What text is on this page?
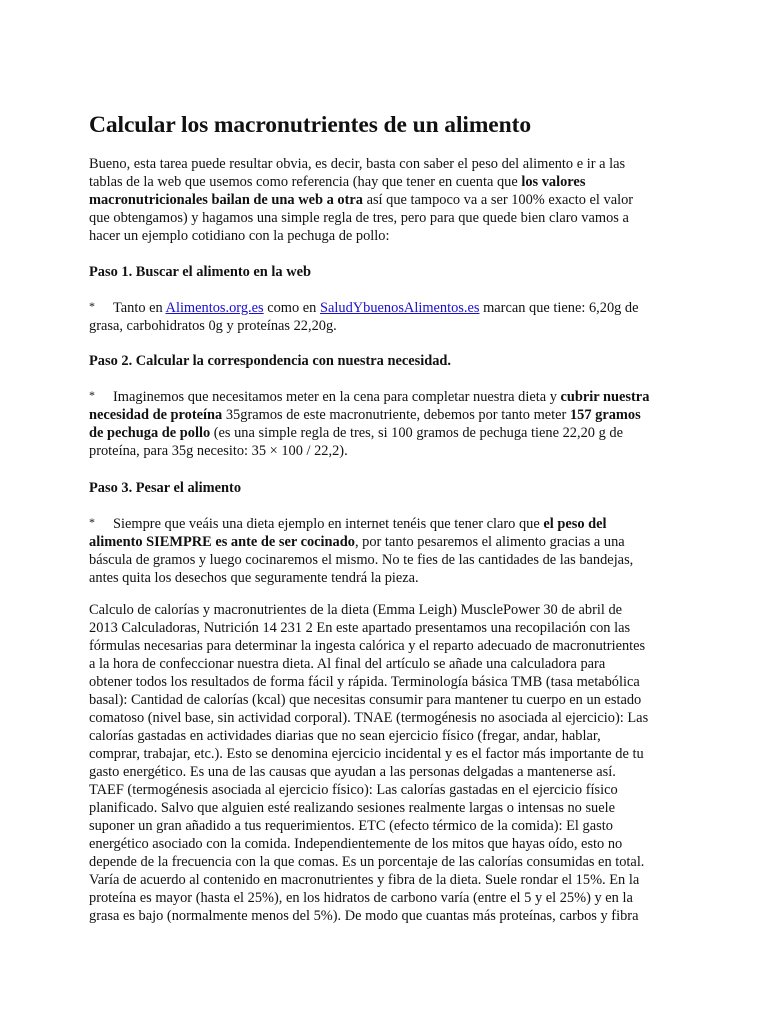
Calcular los macronutrientes de un alimento
Bueno, esta tarea puede resultar obvia, es decir, basta con saber el peso del alimento e ir a las
tablas de la web que usemos como referencia (hay que tener en cuenta que los valores
macronutricionales bailan de una web a otra así que tampoco va a ser 100% exacto el valor
que obtengamos) y hagamos una simple regla de tres, pero para que quede bien claro vamos a
hacer un ejemplo cotidiano con la pechuga de pollo:
Paso 1. Buscar el alimento en la web
* Tanto en Alimentos.org.es como en SaludYbuenosAlimentos.es marcan que tiene: 6,20g de
grasa, carbohidratos 0g y proteínas 22,20g.
Paso 2. Calcular la correspondencia con nuestra necesidad.
* Imaginemos que necesitamos meter en la cena para completar nuestra dieta y cubrir nuestra
necesidad de proteína 35gramos de este macronutriente, debemos por tanto meter 157 gramos
de pechuga de pollo (es una simple regla de tres, si 100 gramos de pechuga tiene 22,20 g de
proteína, para 35g necesito: 35 × 100 / 22,2).
Paso 3. Pesar el alimento
* Siempre que veáis una dieta ejemplo en internet tenéis que tener claro que el peso del
alimento SIEMPRE es ante de ser cocinado, por tanto pesaremos el alimento gracias a una
báscula de gramos y luego cocinaremos el mismo. No te fies de las cantidades de las bandejas,
antes quita los desechos que seguramente tendrá la pieza.
Calculo de calorías y macronutrientes de la dieta (Emma Leigh) MusclePower 30 de abril de
2013 Calculadoras, Nutrición 14 231 2 En este apartado presentamos una recopilación con las
fórmulas necesarias para determinar la ingesta calórica y el reparto adecuado de macronutrientes
a la hora de confeccionar nuestra dieta. Al final del artículo se añade una calculadora para
obtener todos los resultados de forma fácil y rápida. Terminología básica TMB (tasa metabólica
basal): Cantidad de calorías (kcal) que necesitas consumir para mantener tu cuerpo en un estado
comatoso (nivel base, sin actividad corporal). TNAE (termogénesis no asociada al ejercicio): Las
calorías gastadas en actividades diarias que no sean ejercicio físico (fregar, andar, hablar,
comprar, trabajar, etc.). Esto se denomina ejercicio incidental y es el factor más importante de tu
gasto energético. Es una de las causas que ayudan a las personas delgadas a mantenerse así.
TAEF (termogénesis asociada al ejercicio físico): Las calorías gastadas en el ejercicio físico
planificado. Salvo que alguien esté realizando sesiones realmente largas o intensas no suele
suponer un gran añadido a tus requerimientos. ETC (efecto térmico de la comida): El gasto
energético asociado con la comida. Independientemente de los mitos que hayas oído, esto no
depende de la frecuencia con la que comas. Es un porcentaje de las calorías consumidas en total.
Varía de acuerdo al contenido en macronutrientes y fibra de la dieta. Suele rondar el 15%. En la
proteína es mayor (hasta el 25%), en los hidratos de carbono varía (entre el 5 y el 25%) y en la
grasa es bajo (normalmente menos del 5%). De modo que cuantas más proteínas, carbos y fibra
